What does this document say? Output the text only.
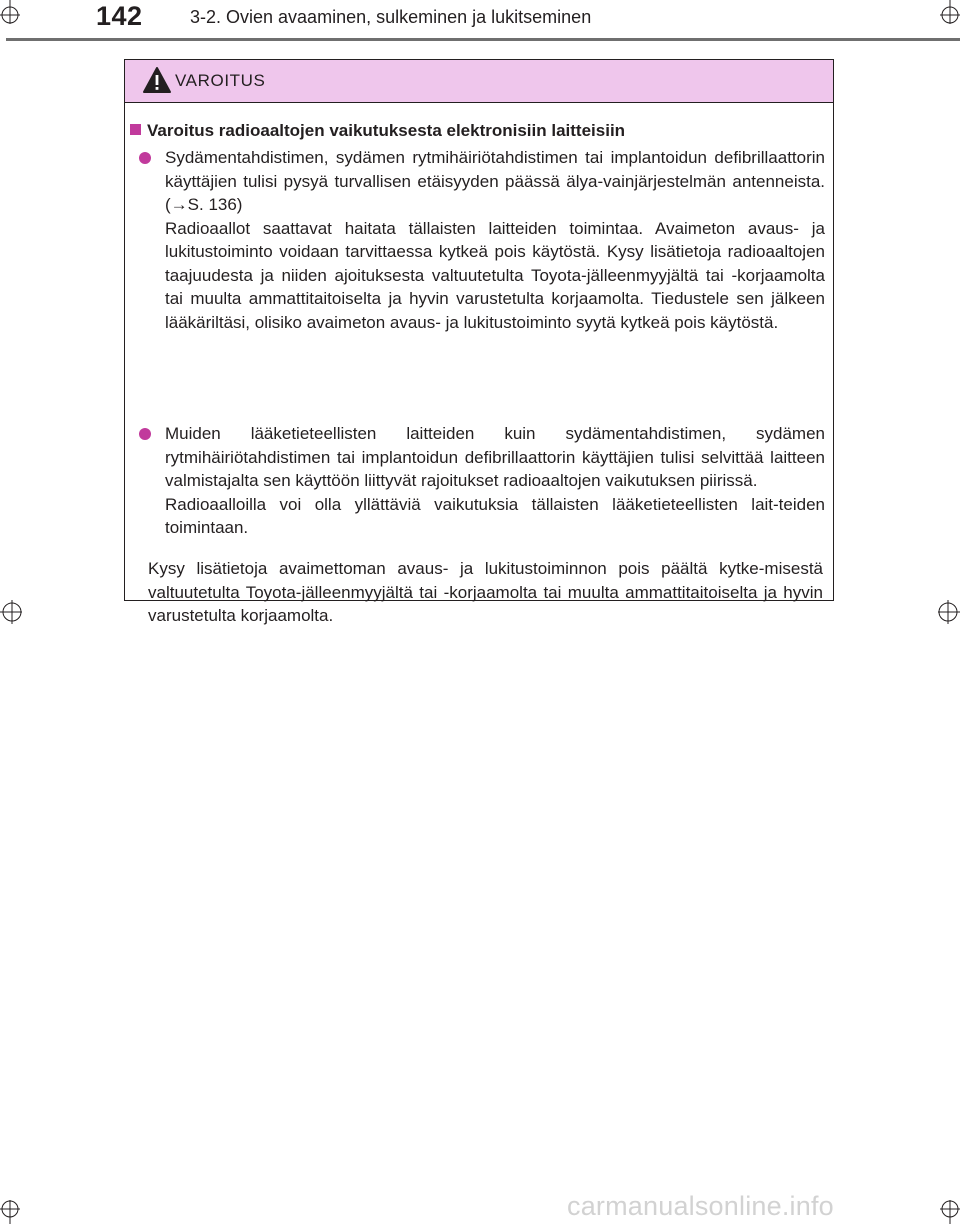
142	3-2. Ovien avaaminen, sulkeminen ja lukitseminen
VAROITUS
Varoitus radioaaltojen vaikutuksesta elektronisiin laitteisiin

Sydämentahdistimen, sydämen rytmihäiriötahdistimen tai implantoidun defibrillaattorin käyttäjien tulisi pysyä turvallisen etäisyyden päässä älya-vainjärjestelmän antenneista. (→S. 136)

Radioaallot saattavat haitata tällaisten laitteiden toimintaa. Avaimeton avaus- ja lukitustoiminto voidaan tarvittaessa kytkeä pois käytöstä. Kysy lisätietoja radioaaltojen taajuudesta ja niiden ajoituksesta valtuutetulta Toyota-jälleenmyyjältä tai -korjaamolta tai muulta ammattitaitoiselta ja hyvin varustetulta korjaamolta. Tiedustele sen jälkeen lääkäriltäsi, olisiko avaimeton avaus- ja lukitustoiminto syytä kytkeä pois käytöstä.

Muiden lääketieteellisten laitteiden kuin sydämentahdistimen, sydämen rytmihäiriötahdistimen tai implantoidun defibrillaattorin käyttäjien tulisi selvittää laitteen valmistajalta sen käyttöön liittyvät rajoitukset radioaaltojen vaikutuksen piirissä.

Radioaalloilla voi olla yllättäviä vaikutuksia tällaisten lääketieteellisten lait-teiden toimintaan.

Kysy lisätietoja avaimettoman avaus- ja lukitustoiminnon pois päältä kytke-misestä valtuutetulta Toyota-jälleenmyyjältä tai -korjaamolta tai muulta ammattitaitoiselta ja hyvin varustetulta korjaamolta.

carmanualsonline.info
